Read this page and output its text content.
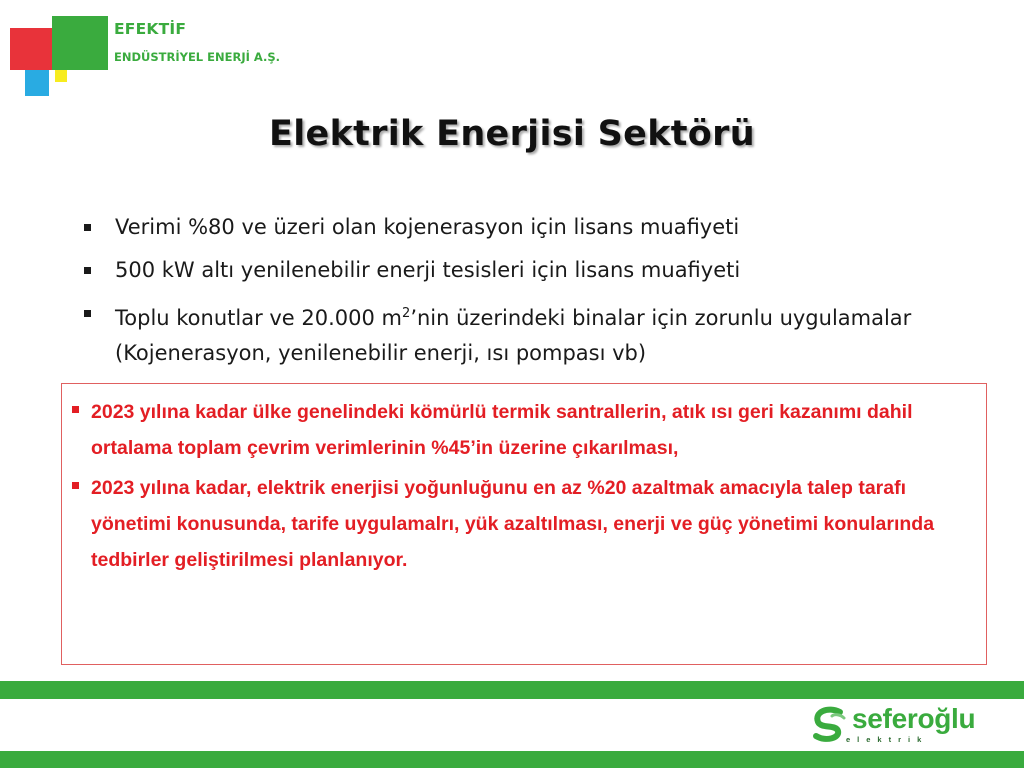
EFEKTİF
ENDÜSTRİYEL ENERJİ A.Ş.
Elektrik Enerjisi Sektörü
Verimi %80 ve üzeri olan kojenerasyon için lisans muafiyeti
500 kW altı yenilenebilir enerji tesisleri için lisans muafiyeti
Toplu konutlar ve 20.000 $m^2’nin$ üzerindeki binalar için zorunlu uygulamalar (Kojenerasyon, yenilenebilir enerji, ısı pompası vb)
2023 yılına kadar ülke genelindeki kömürlü termik santrallerin, atık ısı geri kazanımı dahil ortalama toplam çevrim verimlerinin %45’in üzerine çıkarılması,
2023 yılına kadar, elektrik enerjisi yoğunluğunu en az %20 azaltmak amacıyla talep tarafı yönetimi konusunda, tarife uygulamalrı, yük azaltılması, enerji ve güç yönetimi konularında tedbirler geliştirilmesi planlanıyor.
seferoğlu
elektrik
